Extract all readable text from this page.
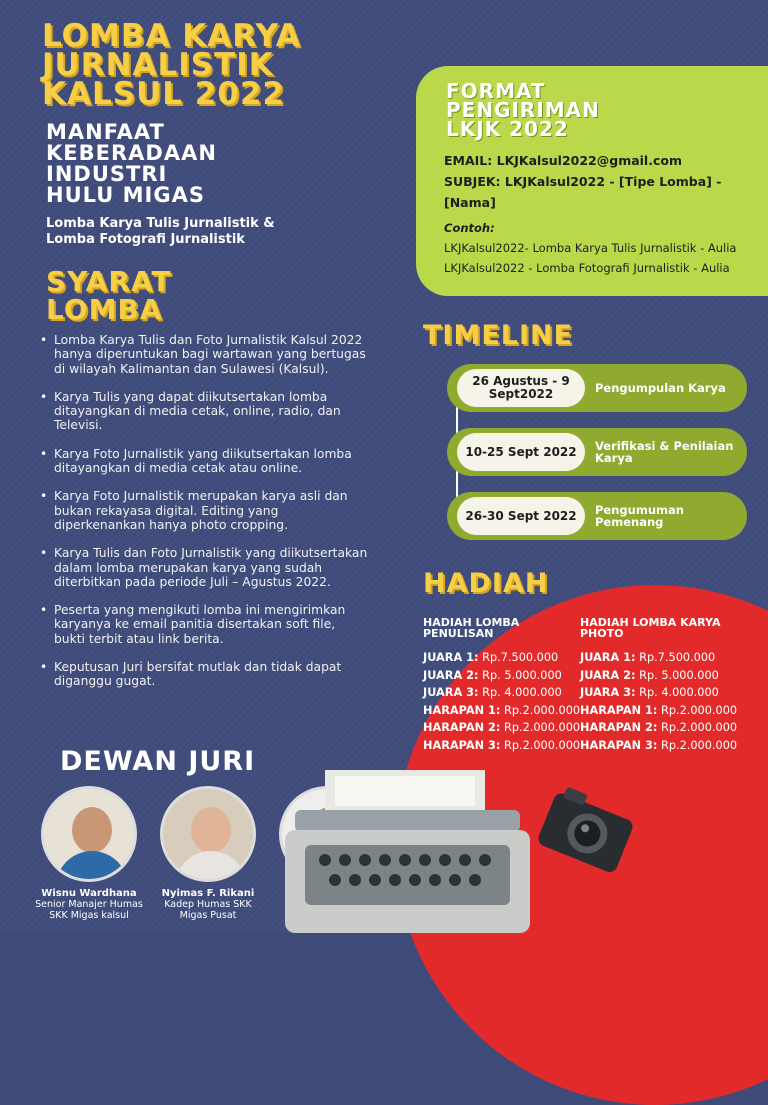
LOMBA KARYA
JURNALISTIK
KALSUL 2022
MANFAAT
KEBERADAAN
INDUSTRI
HULU MIGAS
Lomba Karya Tulis Jurnalistik &
Lomba Fotografi Jurnalistik
SYARAT
LOMBA
• Lomba Karya Tulis dan Foto Jurnalistik Kalsul 2022 hanya diperuntukan bagi wartawan yang bertugas di wilayah Kalimantan dan Sulawesi (Kalsul).
• Karya Tulis yang dapat diikutsertakan lomba ditayangkan di media cetak, online, radio, dan Televisi.
• Karya Foto Jurnalistik yang diikutsertakan lomba ditayangkan di media cetak atau online.
• Karya Foto Jurnalistik merupakan karya asli dan bukan rekayasa digital. Editing yang diperkenankan hanya photo cropping.
• Karya Tulis dan Foto Jurnalistik yang diikutsertakan dalam lomba merupakan karya yang sudah diterbitkan pada periode Juli – Agustus 2022.
• Peserta yang mengikuti lomba ini mengirimkan karyanya ke email panitia disertakan soft file, bukti terbit atau link berita.
• Keputusan Juri bersifat mutlak dan tidak dapat diganggu gugat.
DEWAN JURI
Wisnu Wardhana
Senior Manajer Humas
SKK Migas kalsul
Nyimas F. Rikani
Kadep Humas SKK
Migas Pusat
FORMAT
PENGIRIMAN
LKJK 2022
EMAIL: LKJKalsul2022@gmail.com
SUBJEK: LKJKalsul2022 - [Tipe Lomba] - [Nama]
Contoh:
LKJKalsul2022- Lomba Karya Tulis Jurnalistik - Aulia
LKJKalsul2022 - Lomba Fotografi Jurnalistik - Aulia
TIMELINE
26 Agustus - 9 Sept2022	Pengumpulan Karya
10-25 Sept 2022	Verifikasi & Penilaian Karya
26-30 Sept 2022	Pengumuman Pemenang
HADIAH
HADIAH LOMBA PENULISAN
JUARA 1: Rp.7.500.000
JUARA 2: Rp. 5.000.000
JUARA 3: Rp. 4.000.000
HARAPAN 1: Rp.2.000.000
HARAPAN 2: Rp.2.000.000
HARAPAN 3: Rp.2.000.000
HADIAH LOMBA KARYA PHOTO
JUARA 1: Rp.7.500.000
JUARA 2: Rp. 5.000.000
JUARA 3: Rp. 4.000.000
HARAPAN 1: Rp.2.000.000
HARAPAN 2: Rp.2.000.000
HARAPAN 3: Rp.2.000.000
